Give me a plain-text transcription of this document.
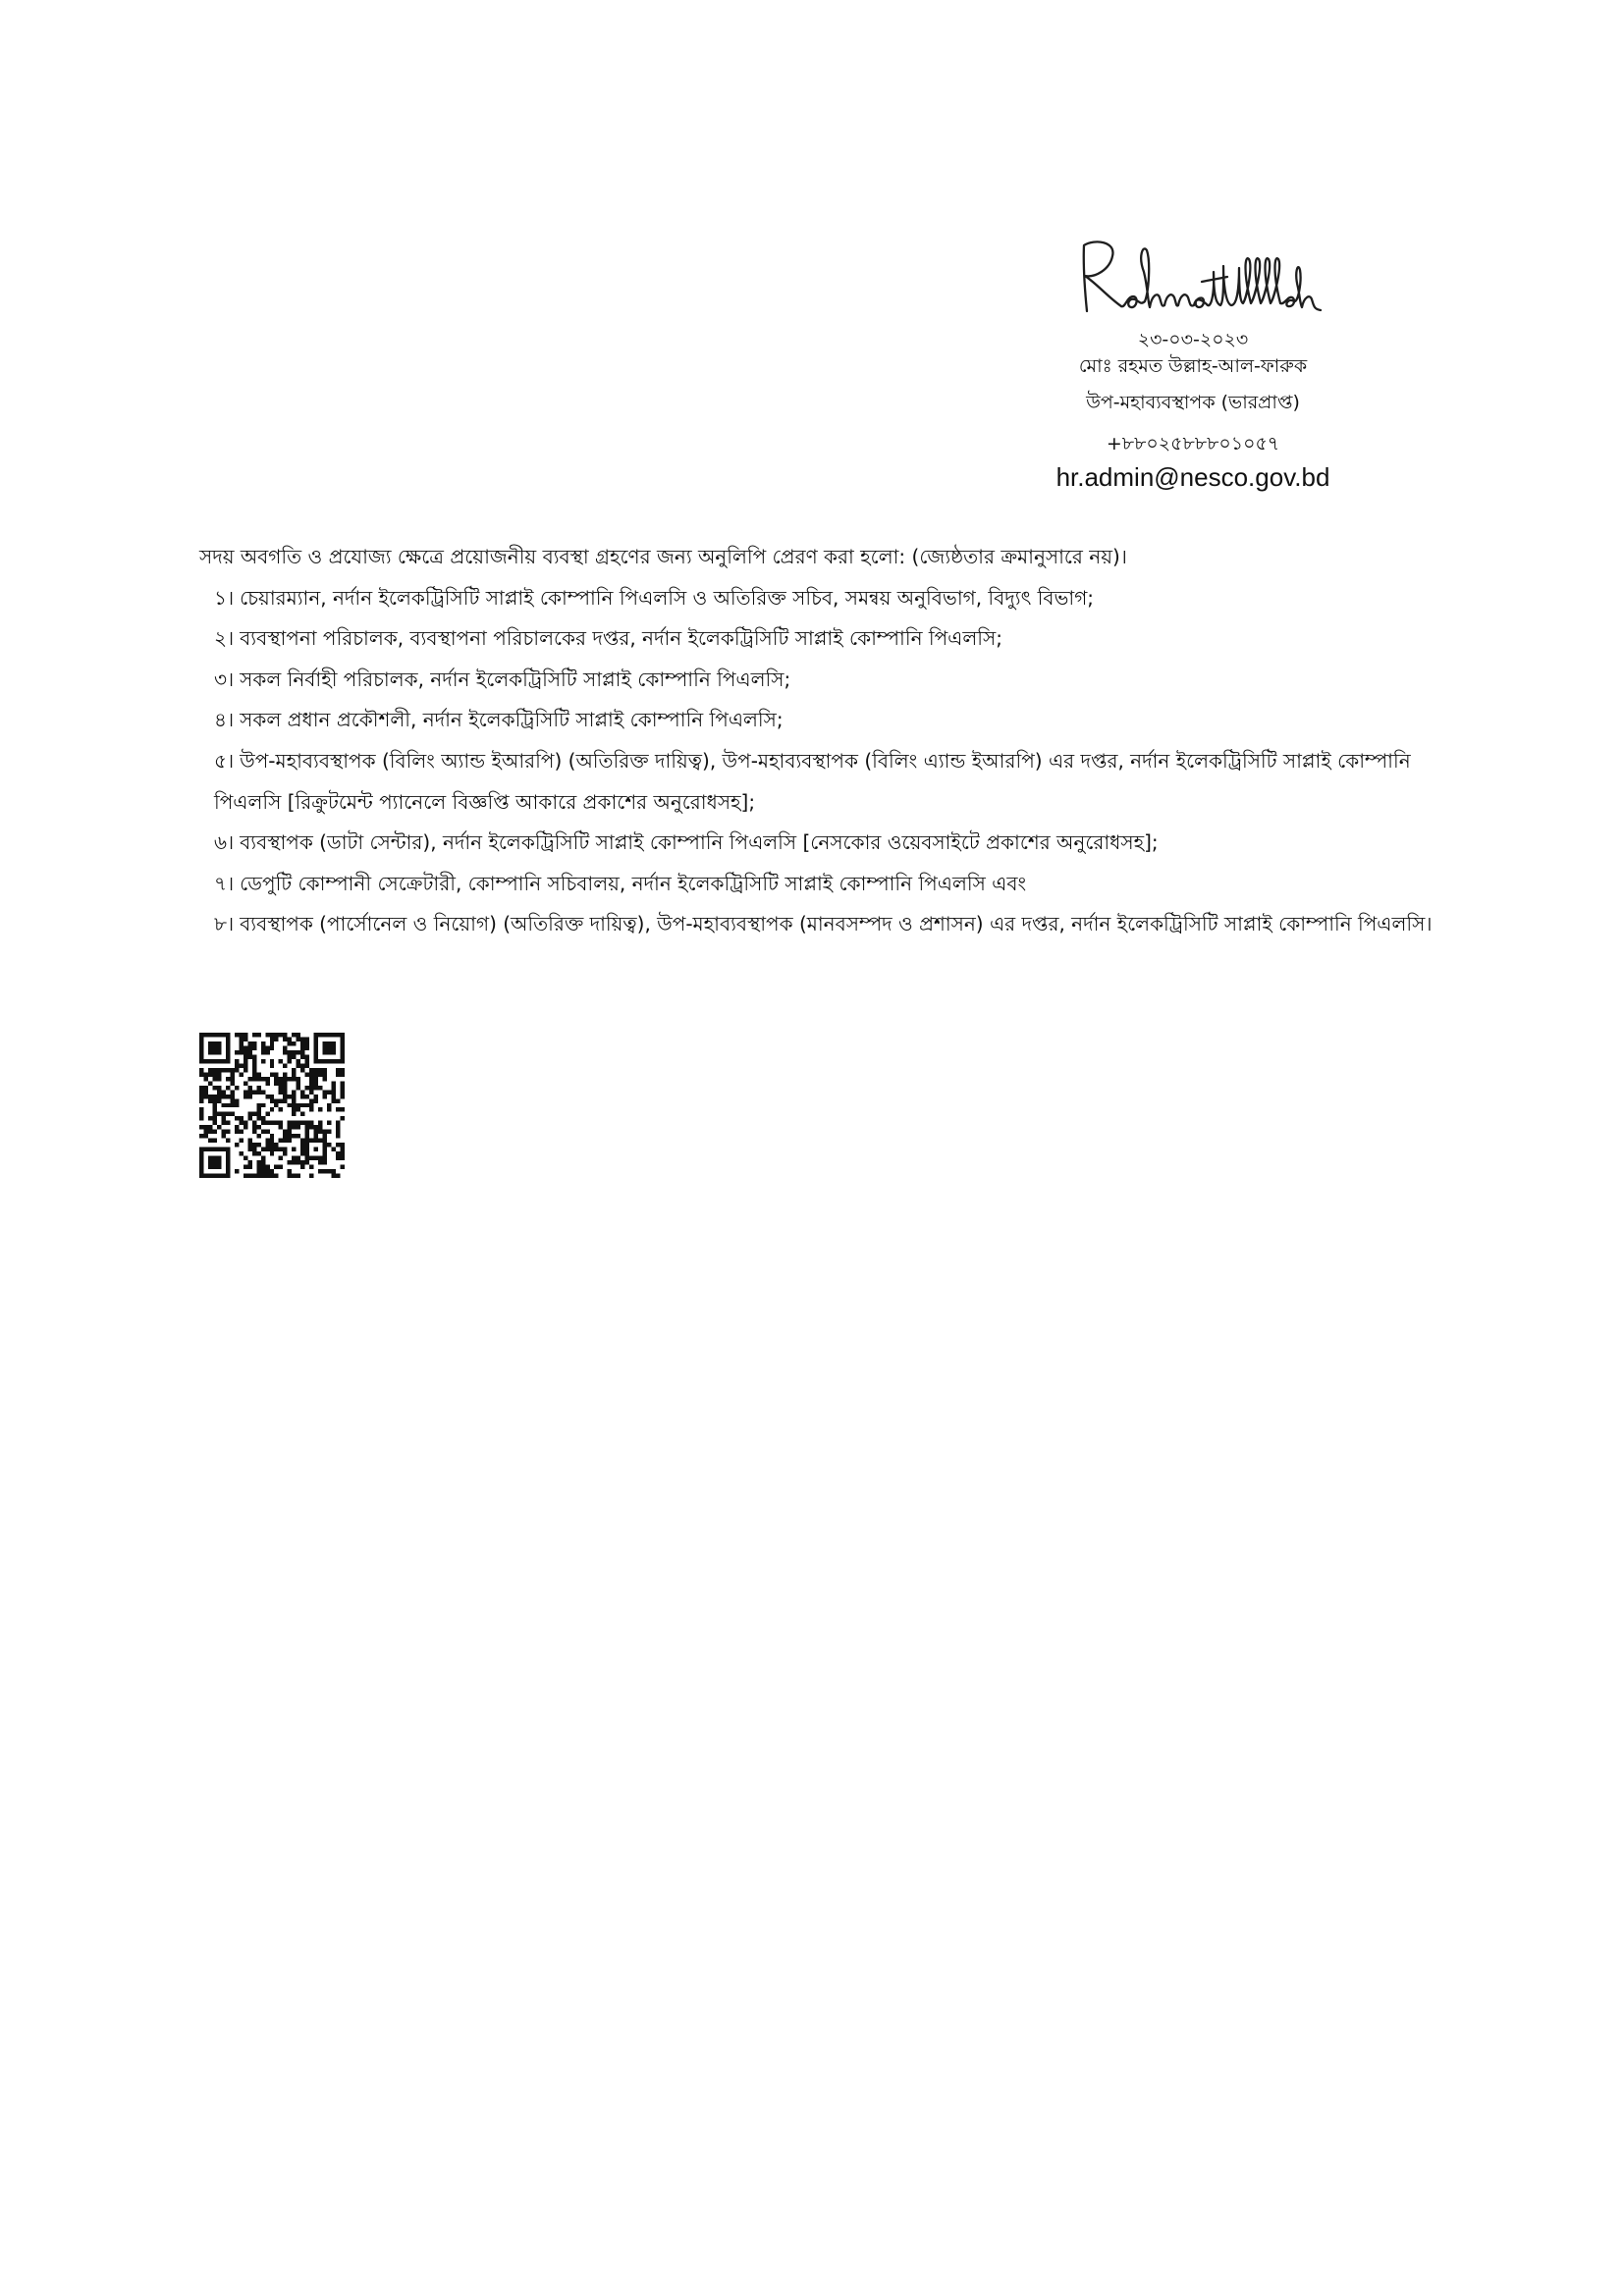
২৩-০৩-২০২৩
মোঃ রহমত উল্লাহ-আল-ফারুক
উপ-মহাব্যবস্থাপক (ভারপ্রাপ্ত)
+৮৮০২৫৮৮৮০১০৫৭
hr.admin@nesco.gov.bd

সদয় অবগতি ও প্রযোজ্য ক্ষেত্রে প্রয়োজনীয় ব্যবস্থা গ্রহণের জন্য অনুলিপি প্রেরণ করা হলো: (জ্যেষ্ঠতার ক্রমানুসারে নয়)।

১। চেয়ারম্যান, নর্দান ইলেকট্রিসিটি সাপ্লাই কোম্পানি পিএলসি ও অতিরিক্ত সচিব, সমন্বয় অনুবিভাগ, বিদ্যুৎ বিভাগ;
২। ব্যবস্থাপনা পরিচালক, ব্যবস্থাপনা পরিচালকের দপ্তর, নর্দান ইলেকট্রিসিটি সাপ্লাই কোম্পানি পিএলসি;
৩। সকল নির্বাহী পরিচালক, নর্দান ইলেকট্রিসিটি সাপ্লাই কোম্পানি পিএলসি;
৪। সকল প্রধান প্রকৌশলী, নর্দান ইলেকট্রিসিটি সাপ্লাই কোম্পানি পিএলসি;
৫। উপ-মহাব্যবস্থাপক (বিলিং অ্যান্ড ইআরপি) (অতিরিক্ত দায়িত্ব), উপ-মহাব্যবস্থাপক (বিলিং এ্যান্ড ইআরপি) এর দপ্তর, নর্দান ইলেকট্রিসিটি সাপ্লাই কোম্পানি পিএলসি [রিক্রুটমেন্ট প্যানেলে বিজ্ঞপ্তি আকারে প্রকাশের অনুরোধসহ];
৬। ব্যবস্থাপক (ডাটা সেন্টার), নর্দান ইলেকট্রিসিটি সাপ্লাই কোম্পানি পিএলসি [নেসকোর ওয়েবসাইটে প্রকাশের অনুরোধসহ];
৭। ডেপুটি কোম্পানী সেক্রেটারী, কোম্পানি সচিবালয়, নর্দান ইলেকট্রিসিটি সাপ্লাই কোম্পানি পিএলসি এবং
৮। ব্যবস্থাপক (পার্সোনেল ও নিয়োগ) (অতিরিক্ত দায়িত্ব), উপ-মহাব্যবস্থাপক (মানবসম্পদ ও প্রশাসন) এর দপ্তর, নর্দান ইলেকট্রিসিটি সাপ্লাই কোম্পানি পিএলসি।
